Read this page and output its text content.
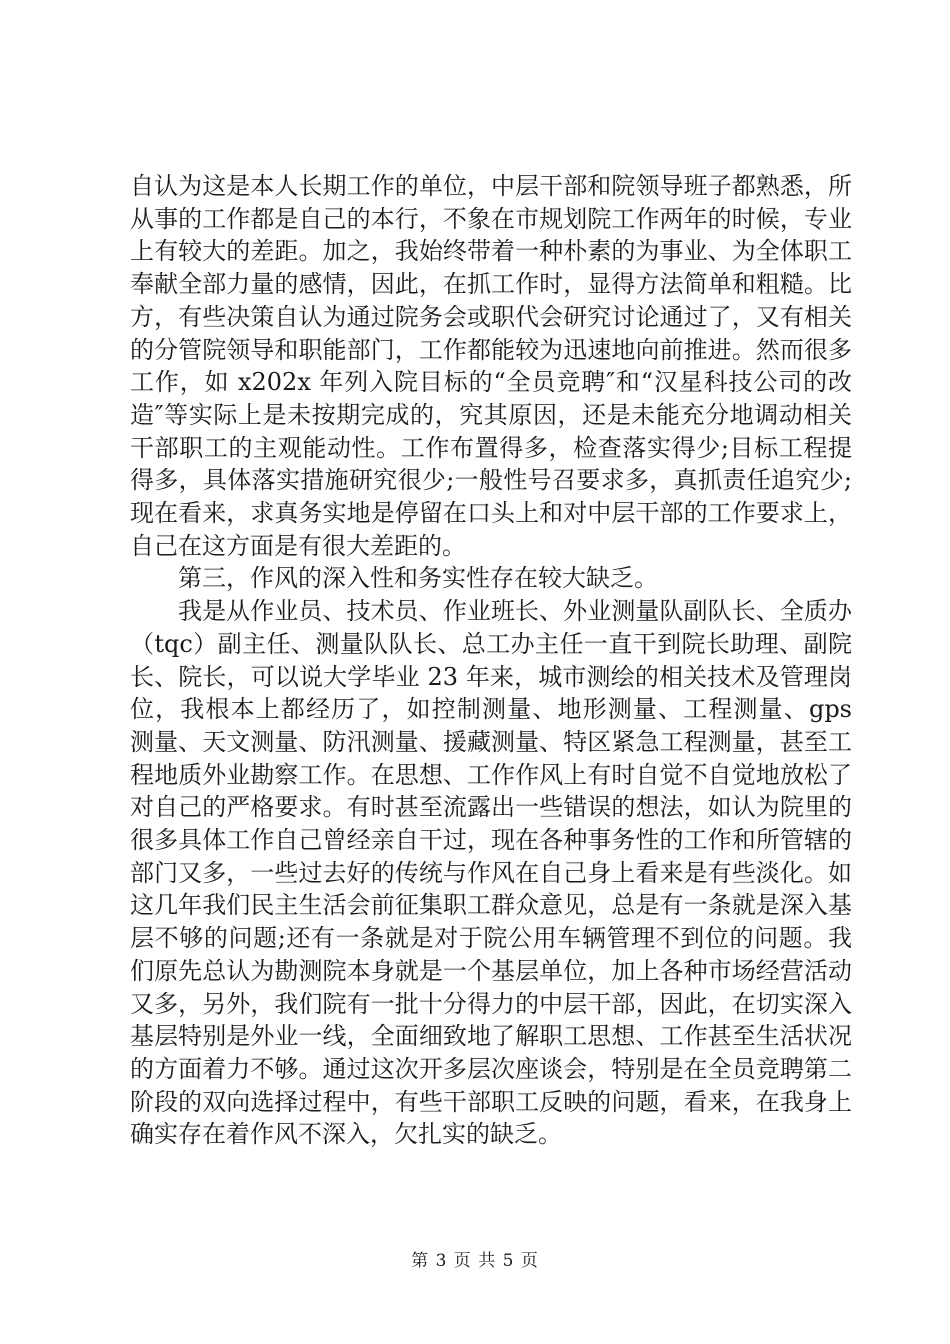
自认为这是本人长期工作的单位，中层干部和院领导班子都熟悉，所从事的工作都是自己的本行，不象在市规划院工作两年的时候，专业上有较大的差距。加之，我始终带着一种朴素的为事业、为全体职工奉献全部力量的感情，因此，在抓工作时，显得方法简单和粗糙。比方，有些决策自认为通过院务会或职代会研究讨论通过了，又有相关的分管院领导和职能部门，工作都能较为迅速地向前推进。然而很多工作，如 x202x 年列入院目标的“全员竞聘″和“汉星科技公司的改造″等实际上是未按期完成的，究其原因，还是未能充分地调动相关干部职工的主观能动性。工作布置得多，检查落实得少;目标工程提得多，具体落实措施研究很少;一般性号召要求多，真抓责任追究少;现在看来，求真务实地是停留在口头上和对中层干部的工作要求上，自己在这方面是有很大差距的。

第三，作风的深入性和务实性存在较大缺乏。

我是从作业员、技术员、作业班长、外业测量队副队长、全质办（tqc）副主任、测量队队长、总工办主任一直干到院长助理、副院长、院长，可以说大学毕业 23 年来，城市测绘的相关技术及管理岗位，我根本上都经历了，如控制测量、地形测量、工程测量、gps 测量、天文测量、防汛测量、援藏测量、特区紧急工程测量，甚至工程地质外业勘察工作。在思想、工作作风上有时自觉不自觉地放松了对自己的严格要求。有时甚至流露出一些错误的想法，如认为院里的很多具体工作自己曾经亲自干过，现在各种事务性的工作和所管辖的部门又多，一些过去好的传统与作风在自己身上看来是有些淡化。如这几年我们民主生活会前征集职工群众意见，总是有一条就是深入基层不够的问题;还有一条就是对于院公用车辆管理不到位的问题。我们原先总认为勘测院本身就是一个基层单位，加上各种市场经营活动又多，另外，我们院有一批十分得力的中层干部，因此，在切实深入基层特别是外业一线，全面细致地了解职工思想、工作甚至生活状况的方面着力不够。通过这次开多层次座谈会，特别是在全员竞聘第二阶段的双向选择过程中，有些干部职工反映的问题，看来，在我身上确实存在着作风不深入，欠扎实的缺乏。

第 3 页 共 5 页
